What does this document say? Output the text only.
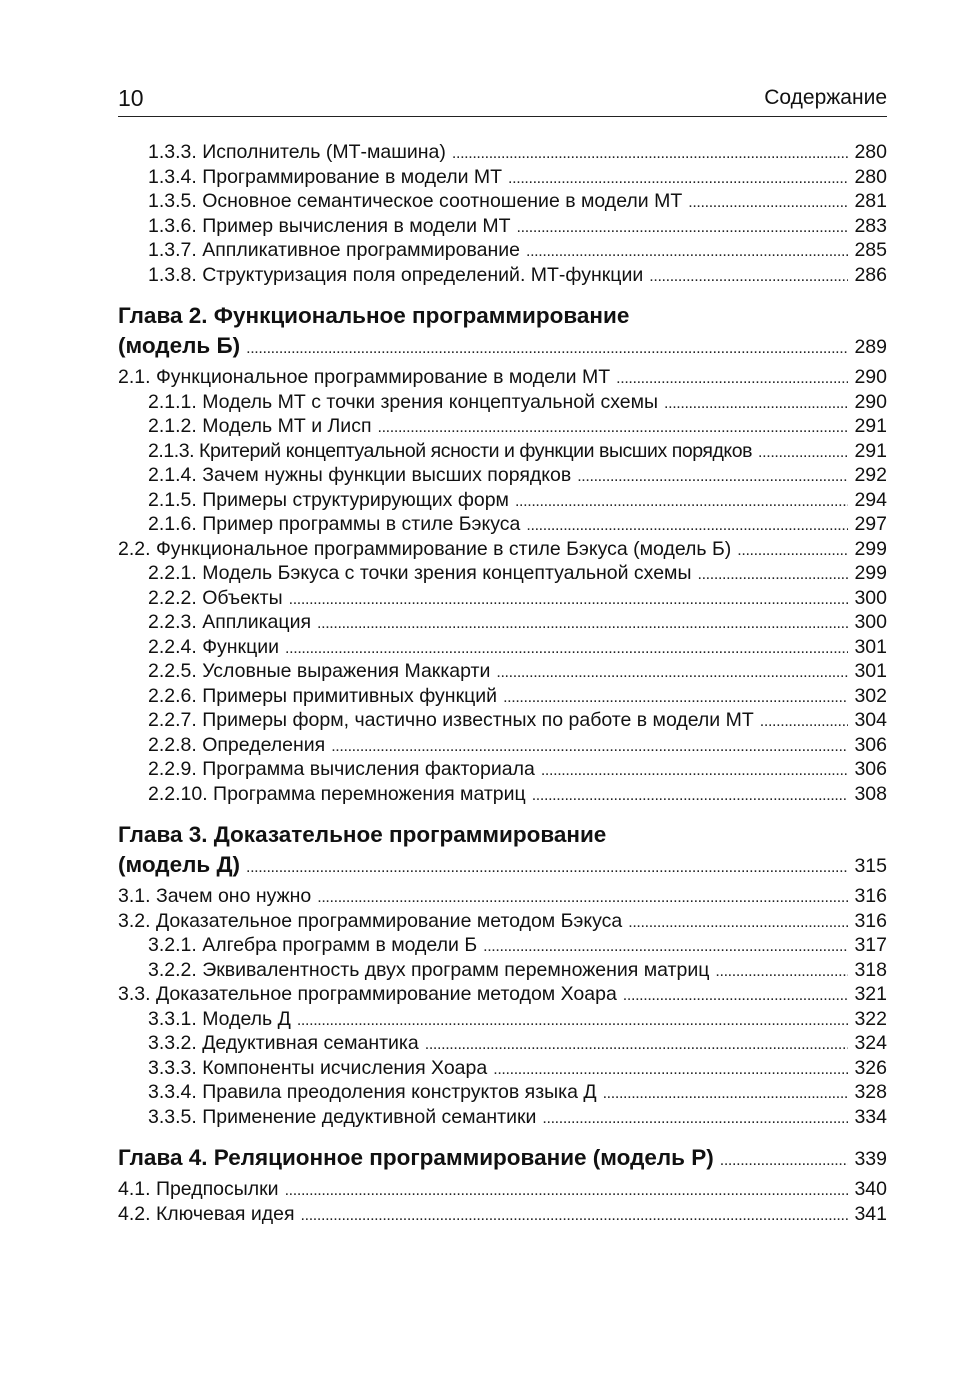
10	Содержание
1.3.3. Исполнитель (МТ-машина) . . .	280
1.3.4. Программирование в модели МТ . . .	280
1.3.5. Основное семантическое соотношение в модели МТ . . .	281
1.3.6. Пример вычисления в модели МТ . . .	283
1.3.7. Аппликативное программирование . . .	285
1.3.8. Структуризация поля определений. МТ-функции . . .	286
Глава 2. Функциональное программирование
(модель Б) . . .	289
2.1. Функциональное программирование в модели МТ . . .	290
2.1.1. Модель МТ с точки зрения концептуальной схемы . . .	290
2.1.2. Модель МТ и Лисп . . .	291
2.1.3. Критерий концептуальной ясности и функции высших порядков . . .	291
2.1.4. Зачем нужны функции высших порядков . . .	292
2.1.5. Примеры структурирующих форм . . .	294
2.1.6. Пример программы в стиле Бэкуса . . .	297
2.2. Функциональное программирование в стиле Бэкуса (модель Б) . . .	299
2.2.1. Модель Бэкуса с точки зрения концептуальной схемы . . .	299
2.2.2. Объекты . . .	300
2.2.3. Аппликация . . .	300
2.2.4. Функции . . .	301
2.2.5. Условные выражения Маккарти . . .	301
2.2.6. Примеры примитивных функций . . .	302
2.2.7. Примеры форм, частично известных по работе в модели МТ . . .	304
2.2.8. Определения . . .	306
2.2.9. Программа вычисления факториала . . .	306
2.2.10. Программа перемножения матриц . . .	308
Глава 3. Доказательное программирование
(модель Д) . . .	315
3.1. Зачем оно нужно . . .	316
3.2. Доказательное программирование методом Бэкуса . . .	316
3.2.1. Алгебра программ в модели Б . . .	317
3.2.2. Эквивалентность двух программ перемножения матриц . . .	318
3.3. Доказательное программирование методом Хоара . . .	321
3.3.1. Модель Д . . .	322
3.3.2. Дедуктивная семантика . . .	324
3.3.3. Компоненты исчисления Хоара . . .	326
3.3.4. Правила преодоления конструктов языка Д . . .	328
3.3.5. Применение дедуктивной семантики . . .	334
Глава 4. Реляционное программирование (модель Р) . . .	339
4.1. Предпосылки . . .	340
4.2. Ключевая идея . . .	341
